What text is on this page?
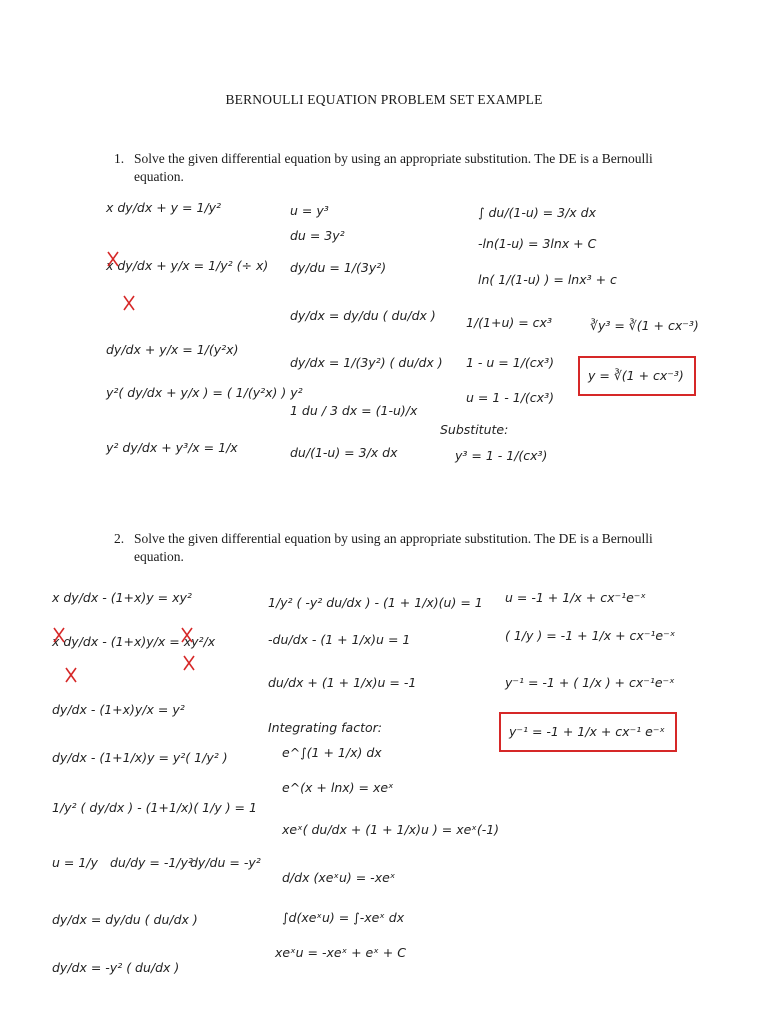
BERNOULLI EQUATION PROBLEM SET EXAMPLE
1. Solve the given differential equation by using an appropriate substitution. The DE is a Bernoulli equation.
x dy/dx + y = 1/y²
x dy/dx + y/x = 1/y² (÷ x)
dy/dx + y/x = 1/(y²x)
y²( dy/dx + y/x ) = ( 1/(y²x) ) y²
y² dy/dx + y³/x = 1/x
u = y³
du = 3y²
dy/du = 1/(3y²)
dy/dx = dy/du ( du/dx )
dy/dx = 1/(3y²) ( du/dx )
1 du / 3 dx = (1-u)/x
du/(1-u) = 3/x dx
∫ du/(1-u) = 3/x dx
-ln(1-u) = 3lnx + C
ln( 1/(1-u) ) = lnx³ + c
1/(1+u) = cx³
1 - u = 1/(cx³)
u = 1 - 1/(cx³)
Substitute:
y³ = 1 - 1/(cx³)
∛y³ = ∛(1 + cx⁻³)
y = ∛(1 + cx⁻³)
2. Solve the given differential equation by using an appropriate substitution. The DE is a Bernoulli equation.
x dy/dx - (1+x)y = xy²
x dy/dx - (1+x)y/x = xy²/x
dy/dx - (1+x)y/x = y²
dy/dx - (1+1/x)y = y²( 1/y² )
1/y² ( dy/dx ) - (1+1/x)( 1/y ) = 1
u = 1/y du/dy = -1/y²
dy/du = -y²
dy/dx = dy/du ( du/dx )
dy/dx = -y² ( du/dx )
1/y² ( -y² du/dx ) - (1 + 1/x)(u) = 1
-du/dx - (1 + 1/x)u = 1
du/dx + (1 + 1/x)u = -1
Integrating factor:
e^∫(1 + 1/x) dx
e^(x + lnx) = xeˣ
xeˣ( du/dx + (1 + 1/x)u ) = xeˣ(-1)
d/dx (xeˣu) = -xeˣ
∫d(xeˣu) = ∫-xeˣ dx
xeˣu = -xeˣ + eˣ + C
u = -1 + 1/x + cx⁻¹e⁻ˣ
( 1/y ) = -1 + 1/x + cx⁻¹e⁻ˣ
y⁻¹ = -1 + ( 1/x ) + cx⁻¹e⁻ˣ
y⁻¹ = -1 + 1/x + cx⁻¹ e⁻ˣ
